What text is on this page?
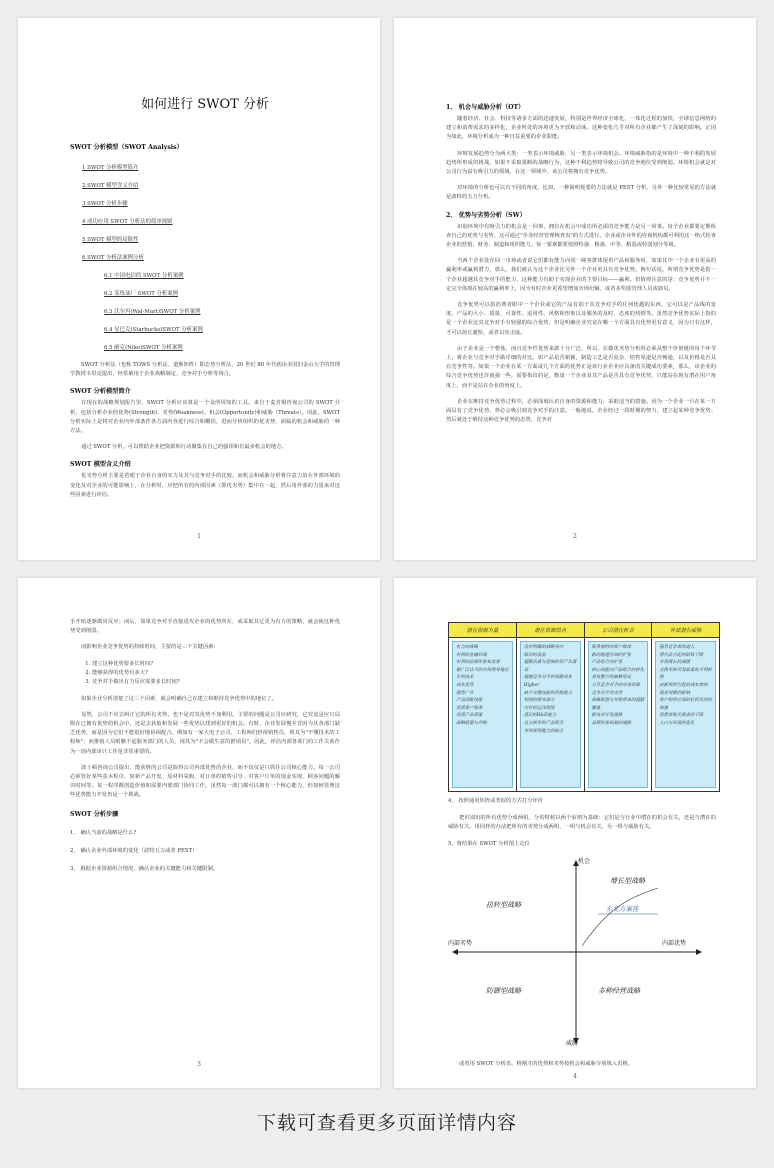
如何进行 SWOT 分析
SWOT 分析模型（SWOT Analysis）
1 SWOT 分析模型简介
2 SWOT 模型含义介绍
3 SWOT 分析步骤
4 成功应用 SWOT 分析法的简单规则
5 SWOT 模型的局限性
6 SWOT 分析法案例分析
6.1 中国电信的 SWOT 分析案例
6.2 某炼油厂 SWOT 分析案例
6.3 沃尔玛(Wal-Mart)SWOT 分析案例
6.4 星巴克(Starbucks)SWOT 分析案例
6.5 耐克(Nike)SWOT 分析案例
SWOT 分析法（也称 TOWS 分析法、道斯矩阵）即态势分析法，20 世纪 80 年代初由美国旧金山大学的管理学教授韦里克提出，经常被用于企业战略制定、竞争对手分析等场合。
SWOT 分析模型简介
在现在的战略规划报告里，SWOT 分析应该算是一个众所周知的工具。来自于麦肯锡咨询公司的 SWOT 分析，包括分析企业的优势(Strength)、劣势(Weakness)、机会(Opportunity)和威胁（Threats）。因此，SWOT 分析实际上是将对企业内外部条件各方面内容进行综合和概括，进而分析组织的优劣势、面临的机会和威胁的一种方法。
通过 SWOT 分析，可以帮助企业把资源和行动聚集在自己的强项和有最多机会的地方。
SWOT 模型含义介绍
优劣势分析主要是着眼于企业自身的实力及其与竞争对手的比较，而机会和威胁分析将注意力放在外部环境的变化及对企业的可能影响上，在分析时，应把所有的内部因素（即优劣势）集中在一起，然后用外部的力量来对这些因素进行评估。
1
1、 机会与威胁分析（OT）
随着经济、社会、科技等诸多方面的迅速发展，特别是世界经济全球化、一体化过程的加快，全球信息网络的建立和消费需求的多样化，企业所处的环境更为开放和动荡。这种变化几乎对所有企业都产生了深刻的影响。正因为如此，环境分析成为一种日益重要的企业职能。
环境发展趋势分为两大类：一类表示环境威胁，另一类表示环境机会。环境威胁指的是环境中一种不利的发展趋势所形成的挑战，如果不采取果断的战略行为，这种不利趋势将导致公司的竞争地位受到削弱。环境机会就是对公司行为富有吸引力的领域，在这一领域中，该公司将拥有竞争优势。
对环境的分析也可以有不同的角度。比如，一种简明扼要的方法就是 PEST 分析，另外一种比较常见的方法就是波特的五力分析。
2、 优势与劣势分析（SW）
识别环境中有吸引力的机会是一回事，拥有在机会中成功所必需的竞争能力是另一回事。每个企业都要定期检查自己的优势与劣势，这可通过"企业经营管理核查表"的方式进行。企业或企业外的咨询机构都可利用这一格式检查企业的营销、财务、制造和组织能力。每一要素都要按照特强、稍强、中等、稍弱或特弱划分等级。
当两个企业处在同一市场或者说它们都有能力向同一顾客群体提供产品和服务时，如果其中一个企业有更高的赢利率或赢利潜力，那么，我们就认为这个企业比另外一个企业更具有竞争优势。换句话说，所谓竞争优势是指一个企业超越其竞争对手的能力，这种能力有助于实现企业的主要目标——赢利。但值得注意的是：竞争优势并不一定完全体现在较高的赢利率上，因为有时企业更希望增加市场份额，或者多奖励管理人员或雇员。
竞争优势可以指消费者眼中一个企业或它的产品有别于其竞争对手的任何优越的东西，它可以是产品线的宽度、产品的大小、质量、可靠性、适用性、风格和形象以及服务的及时、态度的热情等。虽然竞争优势实际上指的是一个企业比其竞争对手有较强的综合优势，但是明确企业究竟在哪一个方面具有优势更有意义，因为只有这样，才可以扬长避短，或者以实击虚。
由于企业是一个整体，而且竞争性优势来源十分广泛，所以，在做优劣势分析时必须从整个价值链的每个环节上，将企业与竞争对手做详细的对比。如产品是否新颖，制造工艺是否复杂，销售渠道是否畅通，以及价格是否具有竞争性等。如果一个企业在某一方面或几个方面的优势正是该行业企业应具备的关键成功要素，那么，该企业的综合竞争优势也许就强一些。需要指出的是，衡量一个企业及其产品是否具有竞争优势，只能站在现有潜在用户角度上，而不是站在企业的角度上。
企业在维持竞争优势过程中，必须深刻认识自身的资源和能力，采取适当的措施。因为一个企业一旦在某一方面具有了竞争优势，势必会吸引到竞争对手的注意。一般地说，企业经过一段时期的努力，建立起某种竞争优势；然后就处于维持这种竞争优势的态势，竞争对
2
手开始逐渐做出反应；而后，如果竞争对手直接进攻企业的优势所在，或采取其它更为有力的策略，就会使这种优势受到削弱。
而影响企业竞争优势的持续时间，主要的是三个关键因素：
1. 建立这种优势要多长时间?
2. 能够获得的优势有多大?
3. 竞争对手做出有力反应需要多长时间?
如果企业分析清楚了这三个因素，就会明确自己在建立和维持竞争优势中的地位了。
显然，公司不应去纠正它的所有劣势，也不是对其优势不加利用。主要的问题是公司应研究，它究竟是应只局限在已拥有优势的机会中，还是去获取和发展一些优势以找到更好的机会。有时，企业发展慢并非因为其各部门缺乏优势，而是因为它们不能很好地协调配合。例如有一家大电子公司，工程师们轻视销售员，视其为"不懂技术的工程师"；而推销人员则瞧不起服务部门的人员，视其为"不会做生意的推销员"。因此，评估内部各部门的工作关系作为一项内部审计工作是非常重要的。
波士顿咨询公司提出，能获胜的公司是取得公司内部优势的企业，而不仅仅是只抓住公司核心能力。每一公司必须管好某些基本程序，如新产品开发、原材料采购、对订单的销售引导、对客户订单的现金实现、顾客问题的解决时间等。每一程序都创造价值和需要内部部门协同工作。虽然每一部门都可以拥有一个核心能力，但如何管理这些优势能力开发仍是一个挑战。
SWOT 分析步骤
1、 确认当前的战略是什么?
2、 确认企业外部环境的变化（波特五力或者 PEST）
3、 根据企业资源组合情况，确认企业的关键能力和关键限制。
3
潜在资源力量
有力的战略
有利的金融环境
有利的品牌形象和美誉
被广泛认可的市场领导地位
专利技术
成本优势
强势广告
产品创新技能
优质客户服务
优质产品质量
战略联盟与并购
潜在资源弱点
没有明确的战略导向
陈旧的设备
超额负债与恐怖的资产负债表
超越竞争对手的高额成本Higher
缺少关键技能和资格能力
利润的损失部分
内在的运作困境
落后的R&D能力
过分狭窄的产品组合
市场规划能力的缺乏
公司潜在机会
服务独特的客户群体
新的地理区域的扩张
产品组合的扩张
核心技能向产品组合的转化
垂直整合的战略形式
分享竞争对手的市场资源
竞争对手的支持
战略联盟与并购带来的超额覆盖
新技术开发通路
品牌形象拓展的通路
外部潜在威胁
强势竞争者的进入
替代品引起的销售下降
市场增长的减缓
交换率和贸易政策的不利转换
由新规则引起的成本增加
商业周期的影响
客户和供应商的杠杆作用的加强
消费者购买需求的下降
人口与环境的变化
4、 按照通用矩阵或类似的方式打分评价
把识别出的所有优势分成两组，分的时候以两个原则为基础：它们是与行业中潜在的机会有关，还是与潜在的威胁有关。用同样的办法把所有的劣势分成两组，一组与机会有关，另一组与威胁有关。
5、将结果在 SWOT 分析图上定位
机会
威胁
内部劣势	内部优势
增长型战略
扭转型战略
防御型战略	多种经营战略
东北方案佳
或者用 SWOT 分析表，将刚才的优势和劣势按机会和威胁分别填入表格。
4
下载可查看更多页面详情内容
